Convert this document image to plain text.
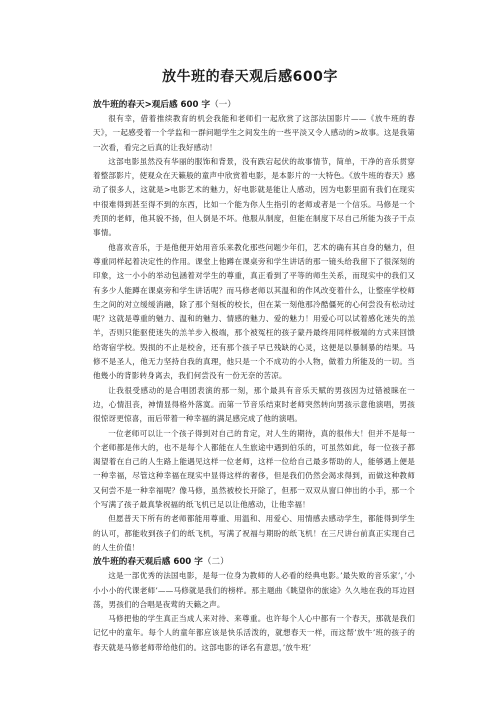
放牛班的春天观后感600字
放牛班的春天>观后感 600 字（一）

很有幸，借着推续教育的机会我能和老师们一起欣赏了这部法国影片——《放牛班的春天》，一起感受着一个学监和一群问题学生之间发生的一些平淡又令人感动的>故事。这是我第一次看，看完之后真的让我好感动！

这部电影虽然没有华丽的服饰和背景，没有跌宕起伏的故事情节，简单，干净的音乐贯穿着整部影片，使观众在天籁般的童声中欣赏着电影，是本影片的一大特色。《放牛班的春天》感动了很多人，这就是>电影艺术的魅力，好电影就是能让人感动，因为电影里面有我们在现实中很难得到甚至得不到的东西，比如一个能为你人生指引的老师或者是一个信乐。马修是一个秃顶的老师，他其貌不扬，但人倒是不坏。他服从制度，但能在制度下尽自己所能为孩子干点事情。

他喜欢音乐，于是他便开始用音乐来教化那些问题少年们，艺术的确有其自身的魅力，但尊重同样起着决定性的作用。课堂上他蹲在课桌旁和学生讲话的那一镜头给我留下了很深刻的印象，这一小小的举动包涵着对学生的尊重，真正看到了平等的师生关系，而现实中的我们又有多少人能蹲在课桌旁和学生讲话呢？而马修老师以其温和的作风改变着什么，让整座学校师生之间的对立缓缓消融，除了那个刻板的校长，但在某一刻他那冷酷僵死的心何尝没有松动过呢？这就是尊重的魅力、温和的魅力、情感的魅力、爱的魅力！用爱心可以试着感化迷失的羔羊，否则只能驱使迷失的羔羊步入极端，那个被冤枉的孩子蒙丹最终用同样极端的方式来回馈给寄宿学校。毁损的不止是校舍，还有那个孩子早已残缺的心灵，这便是以暴制暴的结果。马修不是圣人，他无力坚持自我的真理，他只是一个不成功的小人物，做着力所能及的一切。当他幾小的背影转身离去，我们何尝没有一份无奈的苦凉。

让我很受感动的是合唱团表演的那一刻，那个最具有音乐天赋的男孩因为过错被睐在一边，心情沮丧，神情显得格外落寞。而第一节音乐结束时老师突然转向男孩示意他演唱，男孩很惊讶更惊喜，而后带着一种幸福的满足感完成了他的演唱。

一位老师可以让一个孩子得到对自己的肯定，对人生的期待，真的很伟大！但并不是每一个老师都是伟大的，也不是每个人都能在人生旅途中遇到伯乐的，可虽然如此，每一位孩子都渴望着在自己的人生路上能遇见这样一位老师，这样一位给自己最多帮助的人，能够遇上便是一种幸福，尽管这种幸福在现实中显得这样的奢侈，但是我们仍然会渴求得到，而做这种教师又何尝不是一种幸福呢？像马修，虽然被校长开除了，但那一双双从窗口伸出的小手，那一个个写满了孩子最真挚祝福的纸飞机已足以让他感动，让他幸福！

但愿普天下所有的老师都能用尊重、用温和、用爱心、用情感去感动学生，都能得到学生的认可，都能收到孩子们的纸飞机，写满了祝福与期盼的纸飞机！在三尺讲台前真正实现自己的人生价值！

放牛班的春天观后感 600 字（二）

这是一部优秀的法国电影，是每一位身为教师的人必看的经典电影。’最失败的音乐家’，’小小小小的代课老师’——马修就是我们的榜样。那主题曲《眺望你的旅途》久久地在我的耳边回荡，男孩们的合唱是夜莺的天籁之声。

马修把他的学生真正当成人来对待、来尊重。也许每个人心中都有一个春天，那就是我们记忆中的童年。每个人的童年都应该是快乐活泼的，就想春天一样，而这帮’放牛’班的孩子的春天就是马修老师带给他们的。这部电影的译名有意思，’放牛班’
